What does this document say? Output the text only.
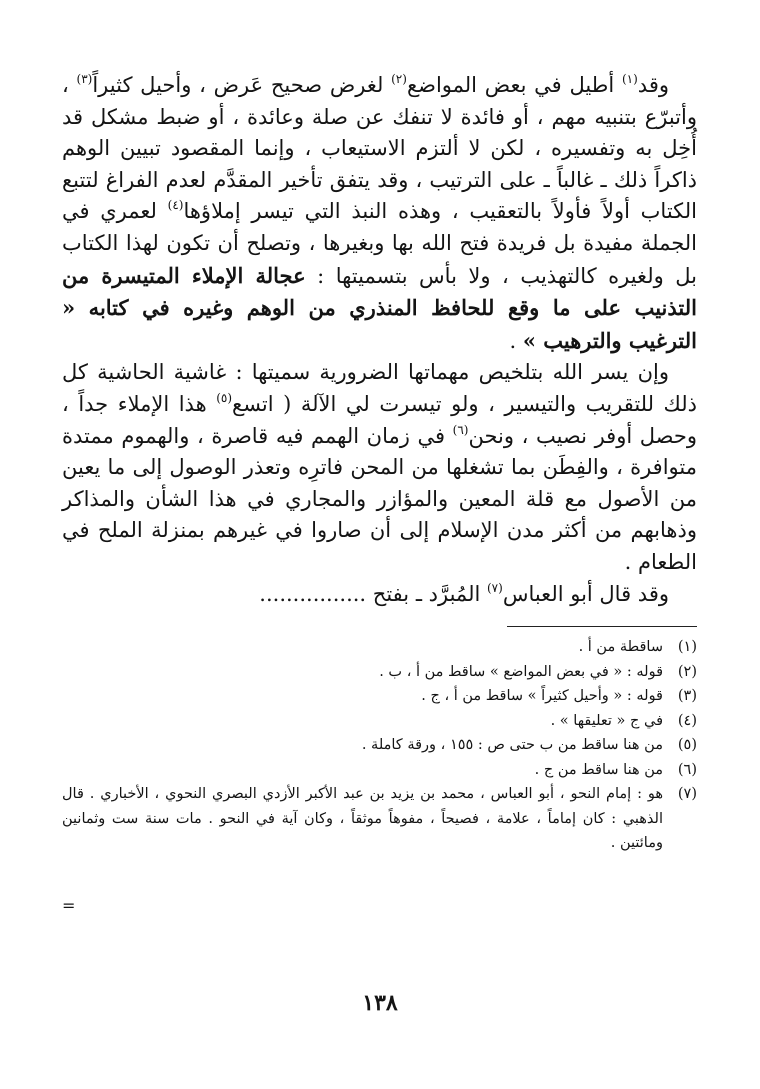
وقد$^{(١)}$ أطيل في بعض المواضع$^{(٢)}$ لغرض صحيح عَرض ، وأحيل كثيراً$^{(٣)}$ ، وأتبرّع بتنبيه مهم ، أو فائدة لا تنفك عن صلة وعائدة ، أو ضبط مشكل قد أُخِل به وتفسيره ، لكن لا ألتزم الاستيعاب ، وإنما المقصود تبيين الوهم ذاكراً ذلك ـ غالباً ـ على الترتيب ، وقد يتفق تأخير المقدَّم لعدم الفراغ لتتبع الكتاب أولاً فأولاً بالتعقيب ، وهذه النبذ التي تيسر إملاؤها$^{(٤)}$ لعمري في الجملة مفيدة بل فريدة فتح الله بها وبغيرها ، وتصلح أن تكون لهذا الكتاب بل ولغيره كالتهذيب ، ولا بأس بتسميتها : عجالة الإملاء المتيسرة من التذنيب على ما وقع للحافظ المنذري من الوهم وغيره في كتابه « الترغيب والترهيب » .

وإن يسر الله بتلخيص مهماتها الضرورية سميتها : غاشية الحاشية كل ذلك للتقريب والتيسير ، ولو تيسرت لي الآلة ( اتسع$^{(٥)}$ هذا الإملاء جداً ، وحصل أوفر نصيب ، ونحن$^{(٦)}$ في زمان الهمم فيه قاصرة ، والهموم ممتدة متوافرة ، والفِطَن بما تشغلها من المحن فاترِه وتعذر الوصول إلى ما يعين من الأصول مع قلة المعين والمؤازر والمجاري في هذا الشأن والمذاكر وذهابهم من أكثر مدن الإسلام إلى أن صاروا في غيرهم بمنزلة الملح في الطعام .

وقد قال أبو العباس$^{(٧)}$ المُبرَّد ـ بفتح ................

(١)
ساقطة من أ .
(٢)
قوله : « في بعض المواضع » ساقط من أ ، ب .
(٣)
قوله : « وأحيل كثيراً » ساقط من أ ، ج .
(٤)
في ج « تعليقها » .
(٥)
من هنا ساقط من ب حتى ص : ١٥٥ ، ورقة كاملة .
(٦)
من هنا ساقط من ج .
(٧)
هو : إمام النحو ، أبو العباس ، محمد بن يزيد بن عبد الأكبر الأزدي البصري النحوي ، الأخباري . قال الذهبي : كان إماماً ، علامة ، فصيحاً ، مفوهاً موثقاً ، وكان آية في النحو . مات سنة ست وثمانين ومائتين .
=
١٣٨
